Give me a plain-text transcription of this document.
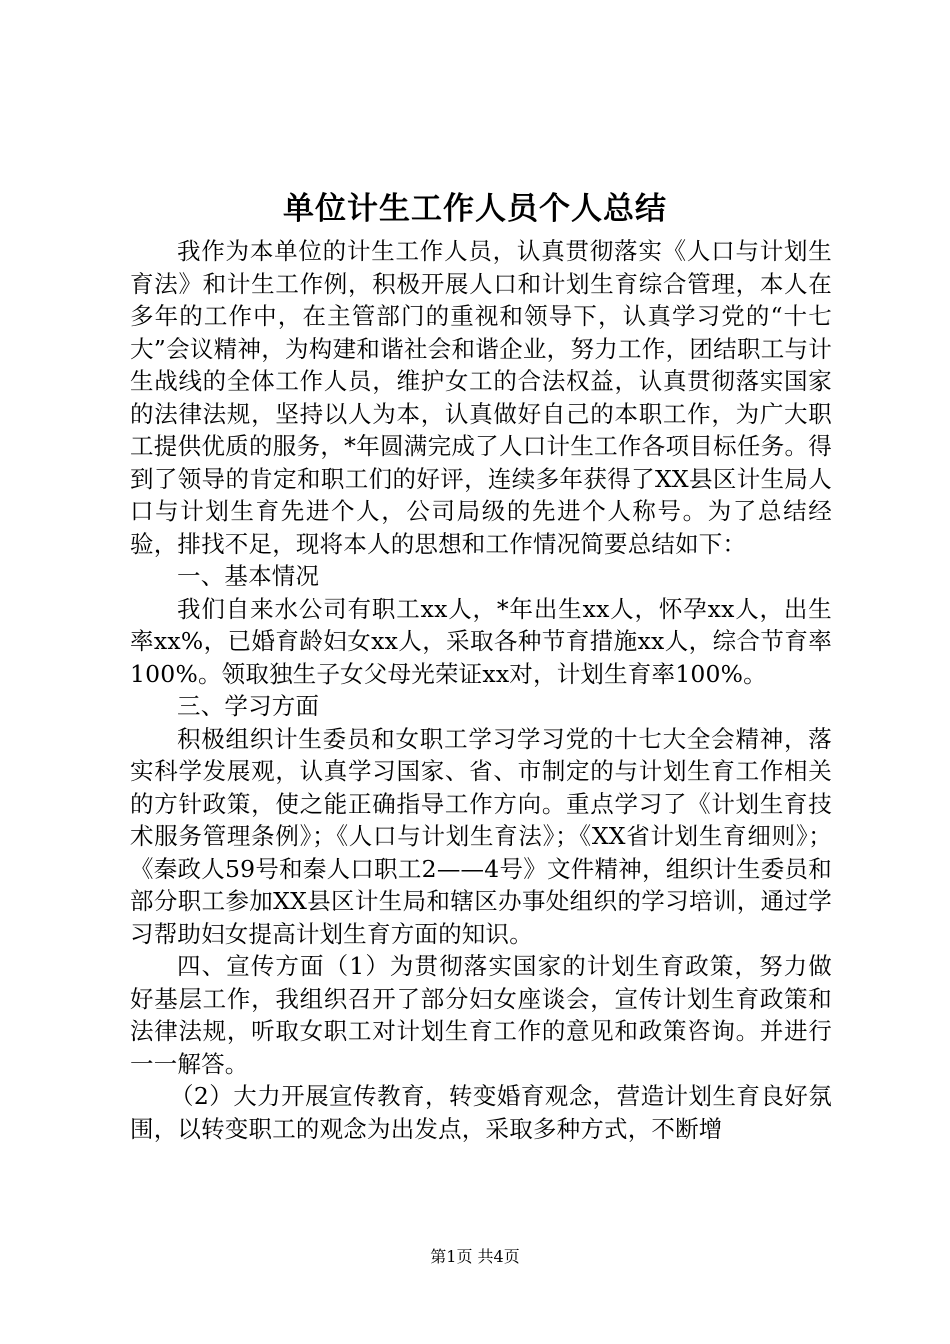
单位计生工作人员个人总结

我作为本单位的计生工作人员，认真贯彻落实《人口与计划生育法》和计生工作例，积极开展人口和计划生育综合管理，本人在多年的工作中，在主管部门的重视和领导下，认真学习党的“十七大”会议精神，为构建和谐社会和谐企业，努力工作，团结职工与计生战线的全体工作人员，维护女工的合法权益，认真贯彻落实国家的法律法规，坚持以人为本，认真做好自己的本职工作，为广大职工提供优质的服务，*年圆满完成了人口计生工作各项目标任务。得到了领导的肯定和职工们的好评，连续多年获得了XX县区计生局人口与计划生育先进个人，公司局级的先进个人称号。为了总结经验，排找不足，现将本人的思想和工作情况简要总结如下：

一、基本情况

我们自来水公司有职工xx人，*年出生xx人，怀孕xx人，出生率xx%，已婚育龄妇女xx人，采取各种节育措施xx人，综合节育率100%。领取独生子女父母光荣证xx对，计划生育率100%。

三、学习方面

积极组织计生委员和女职工学习学习党的十七大全会精神，落实科学发展观，认真学习国家、省、市制定的与计划生育工作相关的方针政策，使之能正确指导工作方向。重点学习了《计划生育技术服务管理条例》；《人口与计划生育法》；《XX省计划生育细则》；《秦政人59号和秦人口职工2——4号》文件精神，组织计生委员和部分职工参加XX县区计生局和辖区办事处组织的学习培训，通过学习帮助妇女提高计划生育方面的知识。

四、宣传方面（1）为贯彻落实国家的计划生育政策，努力做好基层工作，我组织召开了部分妇女座谈会，宣传计划生育政策和法律法规，听取女职工对计划生育工作的意见和政策咨询。并进行一一解答。

（2）大力开展宣传教育，转变婚育观念，营造计划生育良好氛围，以转变职工的观念为出发点，采取多种方式，不断增

第1页 共4页
